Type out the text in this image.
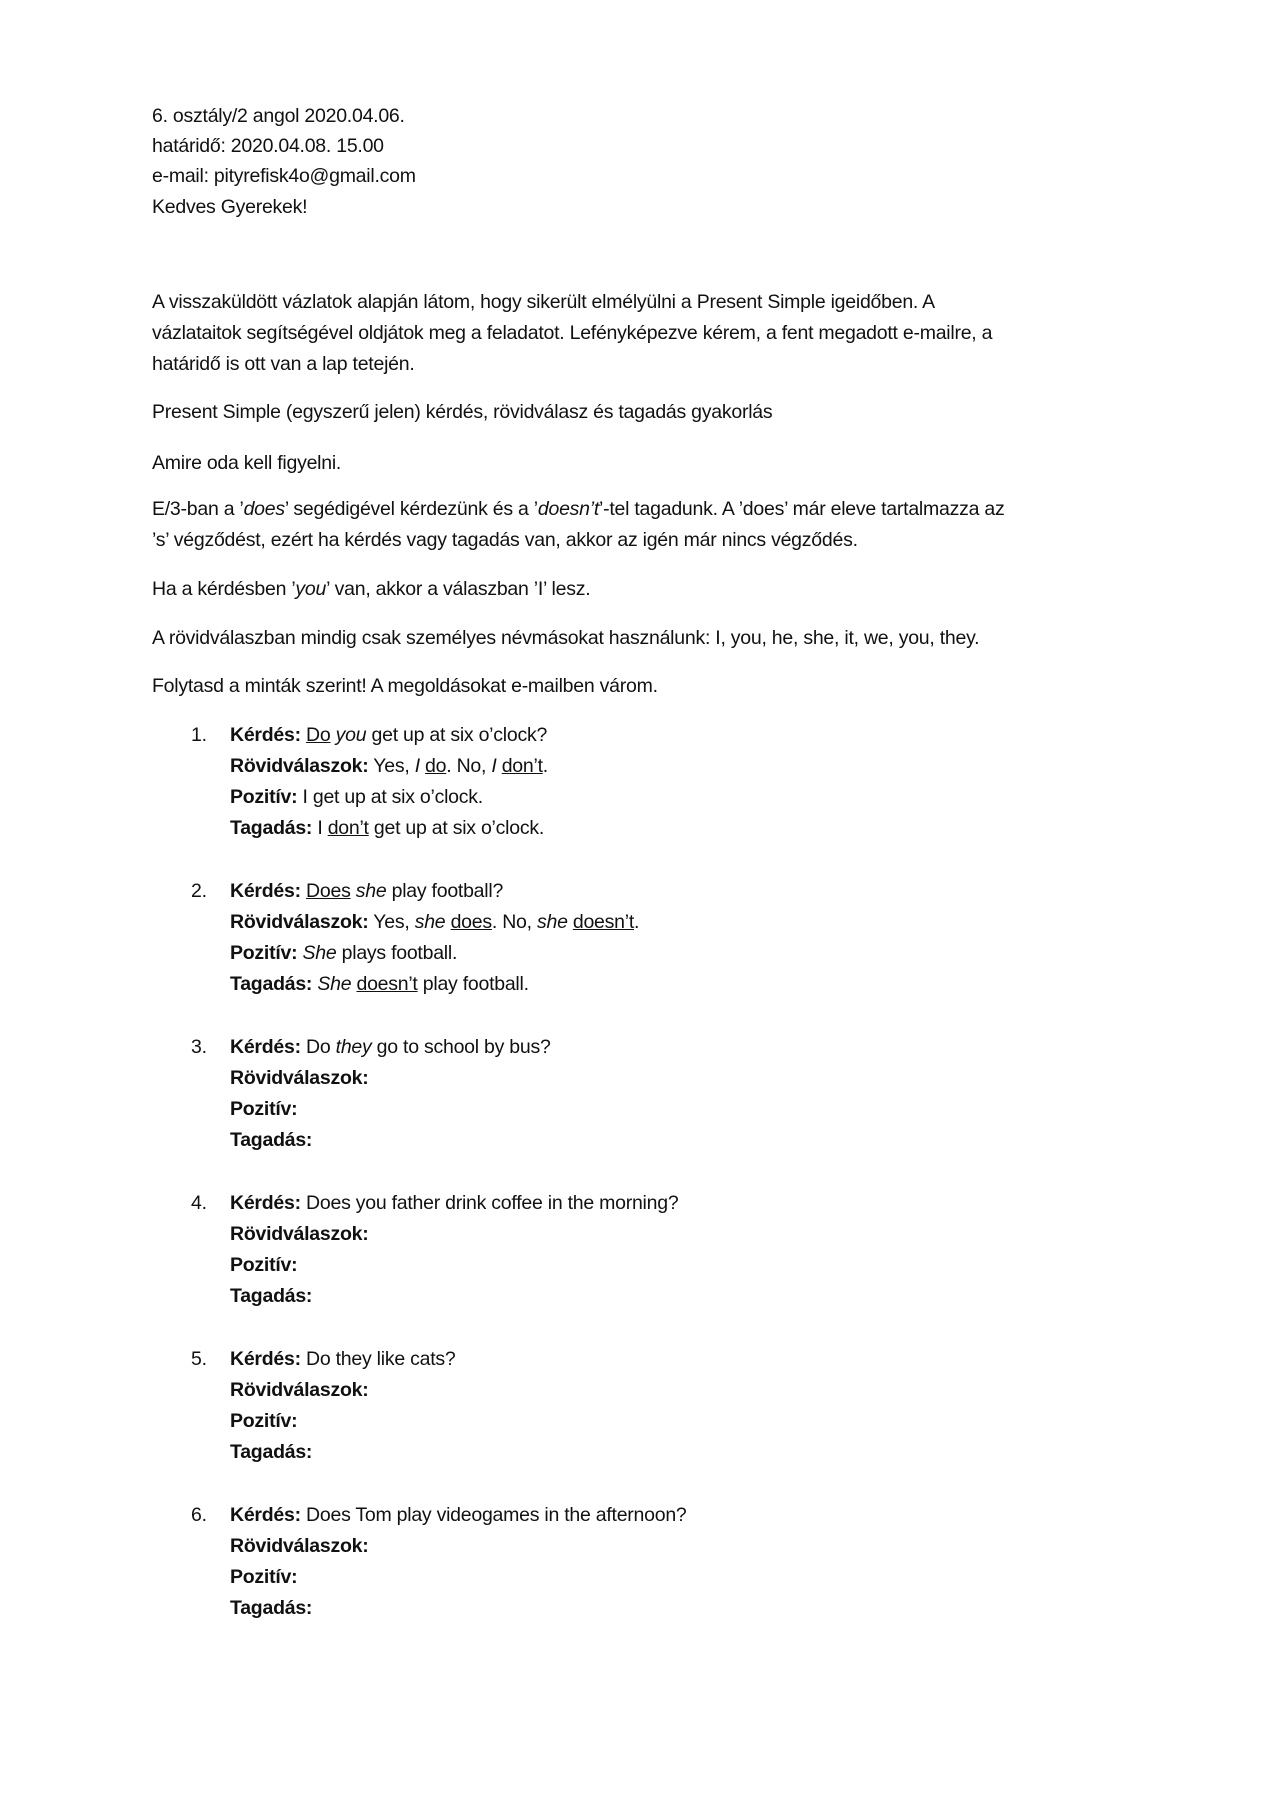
6. osztály/2 angol 2020.04.06.
határidő: 2020.04.08. 15.00
e-mail: pityrefisk4o@gmail.com
Kedves Gyerekek!
A visszaküldött vázlatok alapján látom, hogy sikerült elmélyülni a Present Simple igeidőben. A
vázlataitok segítségével oldjátok meg a feladatot. Lefényképezve kérem, a fent megadott e-mailre, a
határidő is ott van a lap tetején.
Present Simple (egyszerű jelen) kérdés, rövidválasz és tagadás gyakorlás
Amire oda kell figyelni.
E/3-ban a ’does’ segédigével kérdezünk és a ’doesn’t’-tel tagadunk. A ’does’ már eleve tartalmazza az
’s’ végződést, ezért ha kérdés vagy tagadás van, akkor az igén már nincs végződés.
Ha a kérdésben ’you’ van, akkor a válaszban ’I’ lesz.
A rövidválaszban mindig csak személyes névmásokat használunk: I, you, he, she, it, we, you, they.
Folytasd a minták szerint! A megoldásokat e-mailben várom.
1. Kérdés: Do you get up at six o’clock?
Rövidválaszok: Yes, I do. No, I don’t.
Pozitív: I get up at six o’clock.
Tagadás: I don’t get up at six o’clock.
2. Kérdés: Does she play football?
Rövidválaszok: Yes, she does. No, she doesn’t.
Pozitív: She plays football.
Tagadás: She doesn’t play football.
3. Kérdés: Do they go to school by bus?
Rövidválaszok:
Pozitív:
Tagadás:
4. Kérdés: Does you father drink coffee in the morning?
Rövidválaszok:
Pozitív:
Tagadás:
5. Kérdés: Do they like cats?
Rövidválaszok:
Pozitív:
Tagadás:
6. Kérdés: Does Tom play videogames in the afternoon?
Rövidválaszok:
Pozitív:
Tagadás:
